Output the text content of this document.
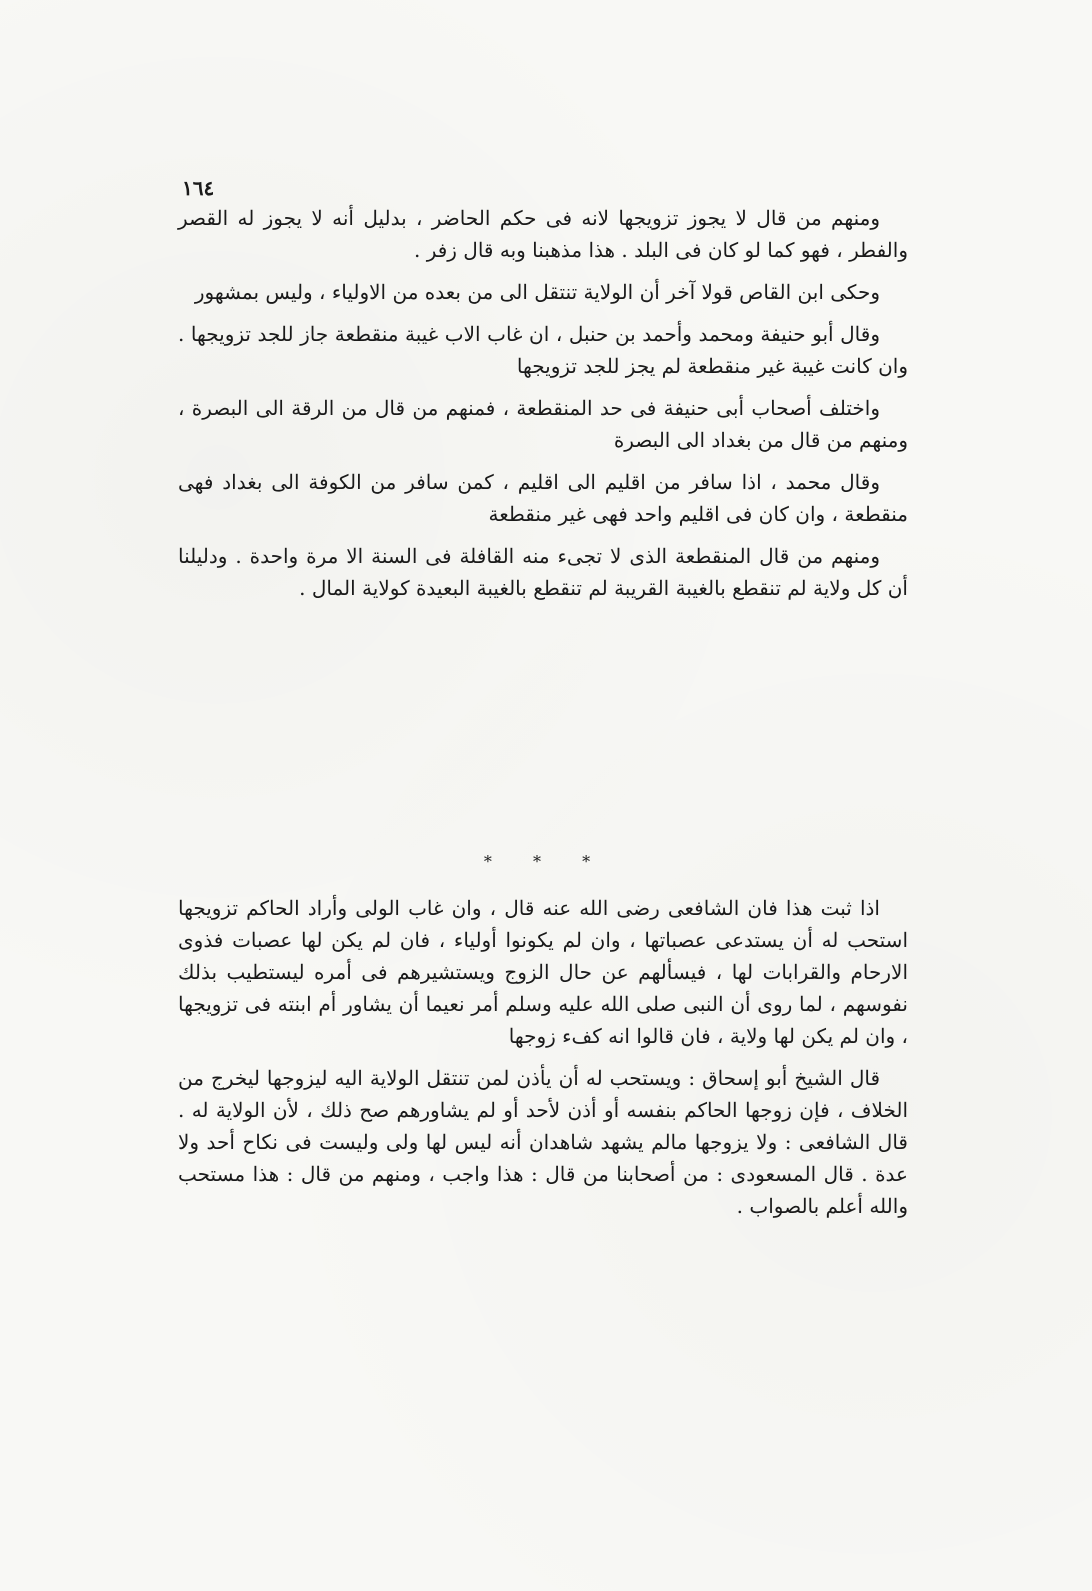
١٦٤

ومنهم من قال لا يجوز تزويجها لانه فى حكم الحاضر ، بدليل أنه لا يجوز له القصر والفطر ، فهو كما لو كان فى البلد . هذا مذهبنا وبه قال زفر .

وحكى ابن القاص قولا آخر أن الولاية تنتقل الى من بعده من الاولياء ، وليس بمشهور

وقال أبو حنيفة ومحمد وأحمد بن حنبل ، ان غاب الاب غيبة منقطعة جاز للجد تزويجها . وان كانت غيبة غير منقطعة لم يجز للجد تزويجها

واختلف أصحاب أبى حنيفة فى حد المنقطعة ، فمنهم من قال من الرقة الى البصرة ، ومنهم من قال من بغداد الى البصرة

وقال محمد ، اذا سافر من اقليم الى اقليم ، كمن سافر من الكوفة الى بغداد فهى منقطعة ، وان كان فى اقليم واحد فهى غير منقطعة

ومنهم من قال المنقطعة الذى لا تجىء منه القافلة فى السنة الا مرة واحدة . ودليلنا أن كل ولاية لم تنقطع بالغيبة القريبة لم تنقطع بالغيبة البعيدة كولاية المال .

* * *

اذا ثبت هذا فان الشافعى رضى الله عنه قال ، وان غاب الولى وأراد الحاكم تزويجها استحب له أن يستدعى عصباتها ، وان لم يكونوا أولياء ، فان لم يكن لها عصبات فذوى الارحام والقرابات لها ، فيسألهم عن حال الزوج ويستشيرهم فى أمره ليستطيب بذلك نفوسهم ، لما روى أن النبى صلى الله عليه وسلم أمر نعيما أن يشاور أم ابنته فى تزويجها ، وان لم يكن لها ولاية ، فان قالوا انه كفء زوجها

قال الشيخ أبو إسحاق : ويستحب له أن يأذن لمن تنتقل الولاية اليه ليزوجها ليخرج من الخلاف ، فإن زوجها الحاكم بنفسه أو أذن لأحد أو لم يشاورهم صح ذلك ، لأن الولاية له . قال الشافعى : ولا يزوجها مالم يشهد شاهدان أنه ليس لها ولى وليست فى نكاح أحد ولا عدة . قال المسعودى : من أصحابنا من قال : هذا واجب ، ومنهم من قال : هذا مستحب والله أعلم بالصواب .
